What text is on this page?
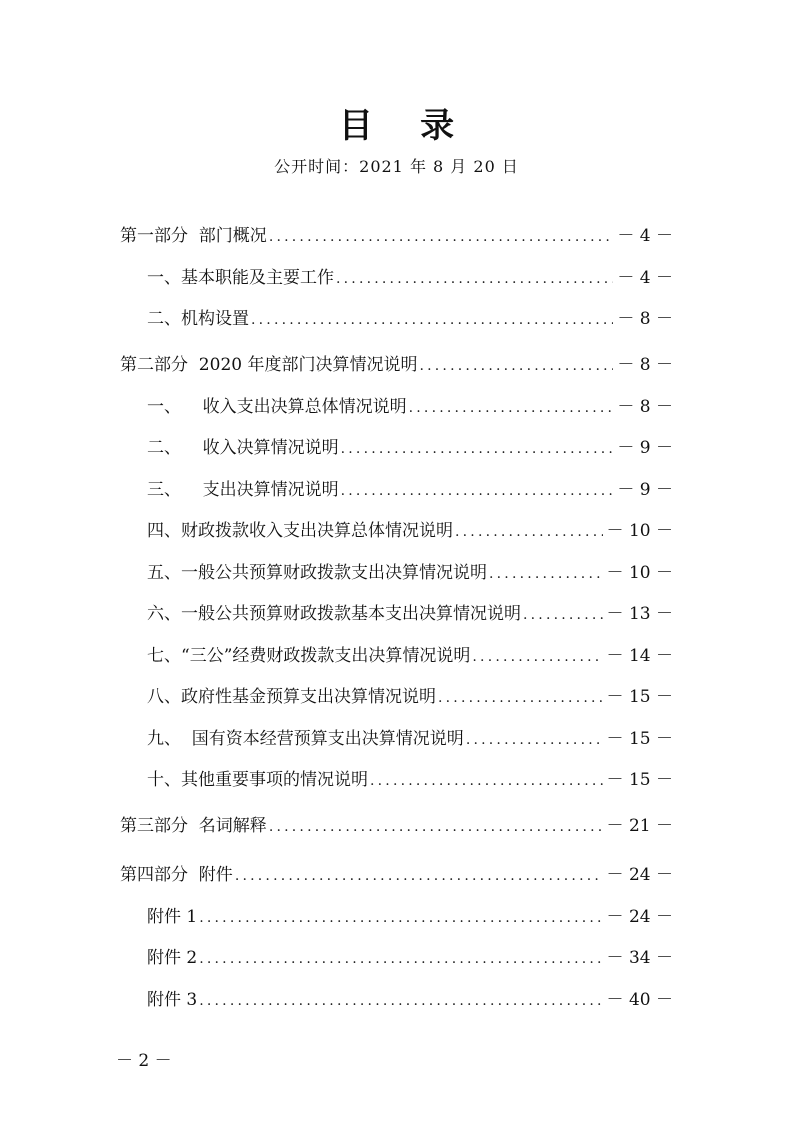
目    录
公开时间：2021 年 8 月 20 日
第一部分  部门概况 .....	－ 4 －
一、基本职能及主要工作 .....	－ 4 －
二、机构设置 .....	－ 8 －
第二部分  2020 年度部门决算情况说明 .....	－ 8 －
一、    收入支出决算总体情况说明 .....	－ 8 －
二、    收入决算情况说明 .....	－ 9 －
三、    支出决算情况说明 .....	－ 9 －
四、财政拨款收入支出决算总体情况说明 .....	－ 10 －
五、一般公共预算财政拨款支出决算情况说明 .....	－ 10 －
六、一般公共预算财政拨款基本支出决算情况说明 .....	－ 13 －
七、“三公”经费财政拨款支出决算情况说明 .....	－ 14 －
八、政府性基金预算支出决算情况说明 .....	－ 15 －
九、  国有资本经营预算支出决算情况说明 .....	－ 15 －
十、其他重要事项的情况说明 .....	－ 15 －
第三部分  名词解释 .....	－ 21 －
第四部分  附件 .....	－ 24 －
附件 1 .....	－ 24 －
附件 2 .....	－ 34 －
附件 3 .....	－ 40 －
－ 2 －
